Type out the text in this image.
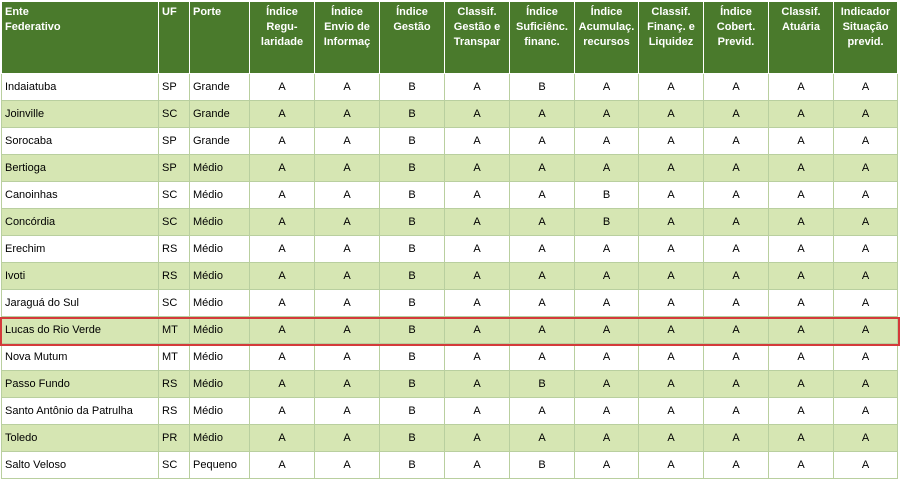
Ente
Federativo	UF	Porte	Índice
Regu-
laridade	Índice
Envio de
Informaç	Índice
Gestão	Classif.
Gestão e
Transpar	Índice
Suficiênc.
financ.	Índice
Acumulaç.
recursos	Classif.
Finanç. e
Liquidez	Índice
Cobert.
Previd.	Classif.
Atuária	Indicador
Situação
previd.
Indaiatuba	SP	Grande	A	A	B	A	B	A	A	A	A	A
Joinville	SC	Grande	A	A	B	A	A	A	A	A	A	A
Sorocaba	SP	Grande	A	A	B	A	A	A	A	A	A	A
Bertioga	SP	Médio	A	A	B	A	A	A	A	A	A	A
Canoinhas	SC	Médio	A	A	B	A	A	B	A	A	A	A
Concórdia	SC	Médio	A	A	B	A	A	B	A	A	A	A
Erechim	RS	Médio	A	A	B	A	A	A	A	A	A	A
Ivoti	RS	Médio	A	A	B	A	A	A	A	A	A	A
Jaraguá do Sul	SC	Médio	A	A	B	A	A	A	A	A	A	A
Lucas do Rio Verde	MT	Médio	A	A	B	A	A	A	A	A	A	A
Nova Mutum	MT	Médio	A	A	B	A	A	A	A	A	A	A
Passo Fundo	RS	Médio	A	A	B	A	B	A	A	A	A	A
Santo Antônio da Patrulha	RS	Médio	A	A	B	A	A	A	A	A	A	A
Toledo	PR	Médio	A	A	B	A	A	A	A	A	A	A
Salto Veloso	SC	Pequeno	A	A	B	A	B	A	A	A	A	A
